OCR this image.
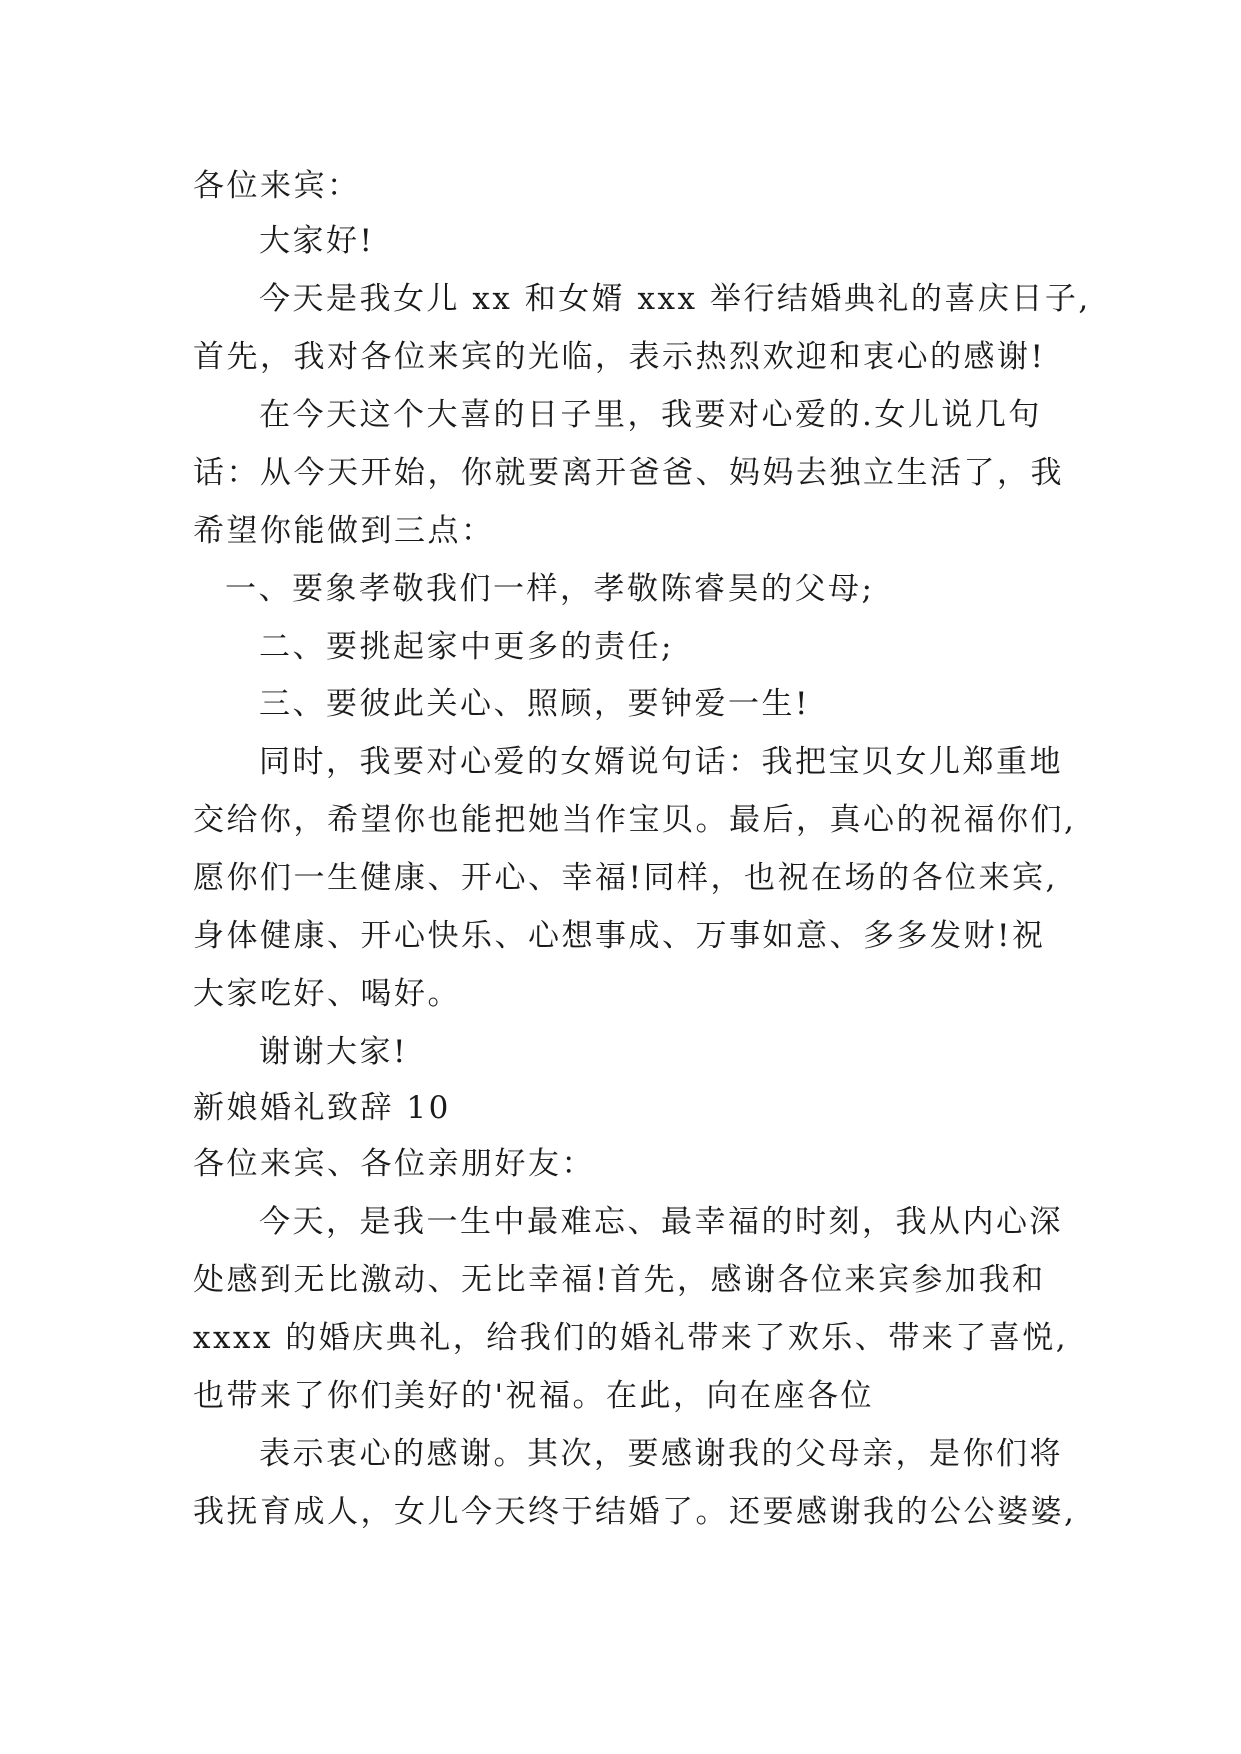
各位来宾：
大家好!
今天是我女儿 xx 和女婿 xxx 举行结婚典礼的喜庆日子,
首先，我对各位来宾的光临，表示热烈欢迎和衷心的感谢!
在今天这个大喜的日子里，我要对心爱的.女儿说几句
话：从今天开始，你就要离开爸爸、妈妈去独立生活了，我
希望你能做到三点：
一、要象孝敬我们一样，孝敬陈睿昊的父母;
二、要挑起家中更多的责任;
三、要彼此关心、照顾，要钟爱一生!
同时，我要对心爱的女婿说句话：我把宝贝女儿郑重地
交给你，希望你也能把她当作宝贝。最后，真心的祝福你们,
愿你们一生健康、开心、幸福!同样，也祝在场的各位来宾,
身体健康、开心快乐、心想事成、万事如意、多多发财!祝
大家吃好、喝好。
谢谢大家!
新娘婚礼致辞 10
各位来宾、各位亲朋好友：
今天，是我一生中最难忘、最幸福的时刻，我从内心深
处感到无比激动、无比幸福!首先，感谢各位来宾参加我和
xxxx 的婚庆典礼，给我们的婚礼带来了欢乐、带来了喜悦,
也带来了你们美好的'祝福。在此，向在座各位
表示衷心的感谢。其次，要感谢我的父母亲，是你们将
我抚育成人，女儿今天终于结婚了。还要感谢我的公公婆婆,
